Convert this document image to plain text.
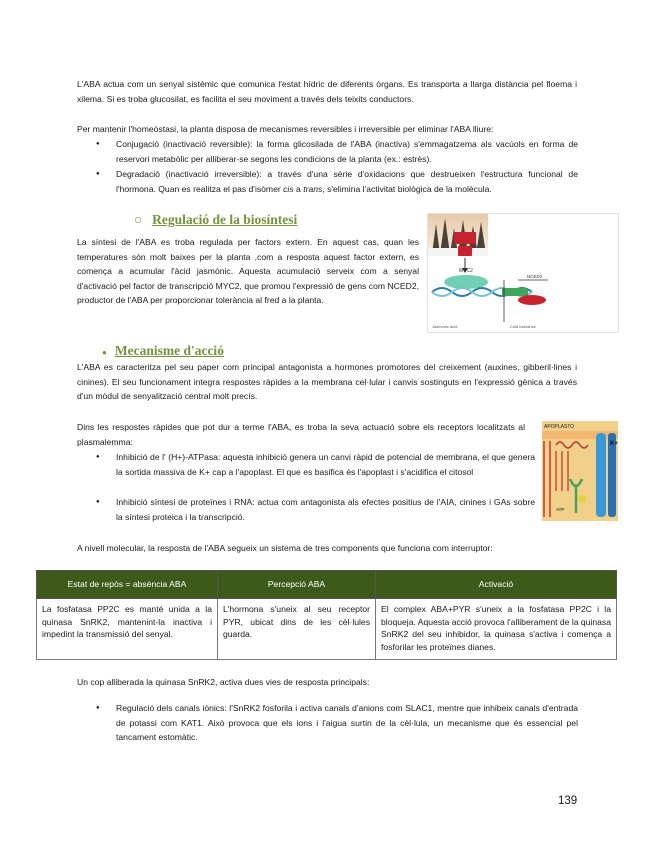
L'ABA actua com un senyal sistèmic que comunica l'estat hídric de diferents òrgans. Es transporta a llarga distància pel floema i xilema. Si es troba glucosilat, es facilita el seu moviment a través dels teixits conductors.

Per mantenir l'homeòstasi, la planta disposa de mecanismes reversibles i irreversible per eliminar l'ABA lliure:

● Conjugació (inactivació reversible): la forma glicosilada de l'ABA (inactiva) s'emmagatzema als vacúols en forma de reservori metabòlic per alliberar-se segons les condicions de la planta (ex.: estrès).
● Degradació (inactivació irreversible): a través d'una sèrie d'oxidacions que destrueixen l'estructura funcional de l'hormona. Quan es realitza el pas d'isòmer cis a trans, s'elimina l'activitat biològica de la molècula.
○ Regulació de la biosíntesi

La síntesi de l'ABA es troba regulada per factors extern. En aquest cas, quan les temperatures són molt baixes per la planta ,com a resposta aquest factor extern, es comença a acumular l'àcid jasmònic. Aquesta acumulació serveix com a senyal d'activació pel factor de transcripció MYC2, que promou l'expressió de gens com NCED2, productor de l'ABA per proporcionar tolerància al fred a la planta.

MYC2
NCED2
Jasmonic acid	Cold tolerance
● Mecanisme d'acció

L'ABA es caracteritza pel seu paper com principal antagonista a hormones promotores del creixement (auxines, gibberil·lines i cinines). El seu funcionament integra respostes ràpides a la membrana cel·lular i canvis sostinguts en l'expressió gènica a través d'un mòdul de senyalització central molt precís.

Dins les respostes ràpides que pot dur a terme l'ABA, es troba la seva actuació sobre els receptors localitzats al plasmalemma:

● Inhibició de l' (H+)-ATPasa: aquesta inhibició genera un canvi ràpid de potencial de membrana, el que genera la sortida massiva de K+ cap a l'apoplast. El que es basifica és l'apoplast i s'acidifica el citosol
● Inhibició síntesi de proteïnes i RNA: actua com antagonista als efectes positius de l'AIA, cinines i GAs sobre la síntesi proteica i la transcripció.
APOPLASTO
K+
ATP

A nivell molecular, la resposta de l'ABA segueix un sistema de tres components que funciona com interruptor:

Estat de repòs = absència ABA	Percepció ABA	Activació
La fosfatasa PP2C es manté unida a la quinasa SnRK2, mantenint-la inactiva i impedint la transmissió del senyal.	L'hormona s'uneix al seu receptor PYR, ubicat dins de les cèl·lules guarda.	El complex ABA+PYR s'uneix a la fosfatasa PP2C i la bloqueja. Aquesta acció provoca l'alliberament de la quinasa SnRK2 del seu inhibidor, la quinasa s'activa i comença a fosforilar les proteïnes dianes.

Un cop alliberada la quinasa SnRK2, activa dues vies de resposta principals:

● Regulació dels canals iònics: l'SnRK2 fosforila i activa canals d'anions com SLAC1, mentre que inhibeix canals d'entrada de potassi com KAT1. Això provoca que els ions i l'aigua surtin de la cèl·lula, un mecanisme que és essencial pel tancament estomàtic.
139
